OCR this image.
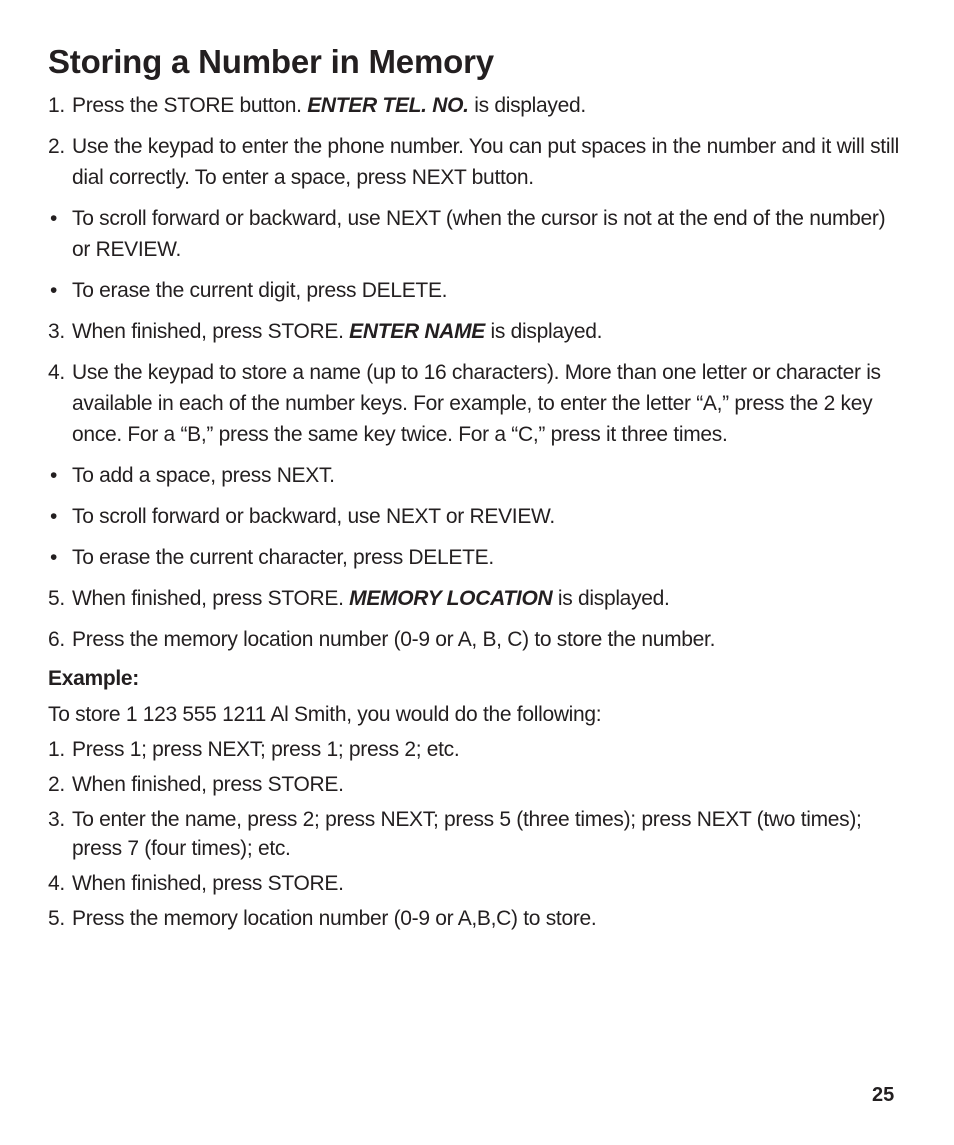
Storing a Number in Memory
1. Press the STORE button. ENTER TEL. NO. is displayed.
2. Use the keypad to enter the phone number. You can put spaces in the number and it will still dial correctly. To enter a space, press NEXT button.
• To scroll forward or backward, use NEXT (when the cursor is not at the end of the number) or REVIEW.
• To erase the current digit, press DELETE.
3. When finished, press STORE. ENTER NAME is displayed.
4. Use the keypad to store a name (up to 16 characters). More than one letter or character is available in each of the number keys. For example, to enter the letter “A,” press the 2 key once. For a “B,” press the same key twice. For a “C,” press it three times.
• To add a space, press NEXT.
• To scroll forward or backward, use NEXT or REVIEW.
• To erase the current character, press DELETE.
5. When finished, press STORE. MEMORY LOCATION is displayed.
6. Press the memory location number (0-9 or A, B, C) to store the number.
Example:
To store 1 123 555 1211 Al Smith, you would do the following:
1. Press 1; press NEXT; press 1; press 2; etc.
2. When finished, press STORE.
3. To enter the name, press 2; press NEXT; press 5 (three times); press NEXT (two times); press 7 (four times); etc.
4. When finished, press STORE.
5. Press the memory location number (0-9 or A,B,C) to store.
25
